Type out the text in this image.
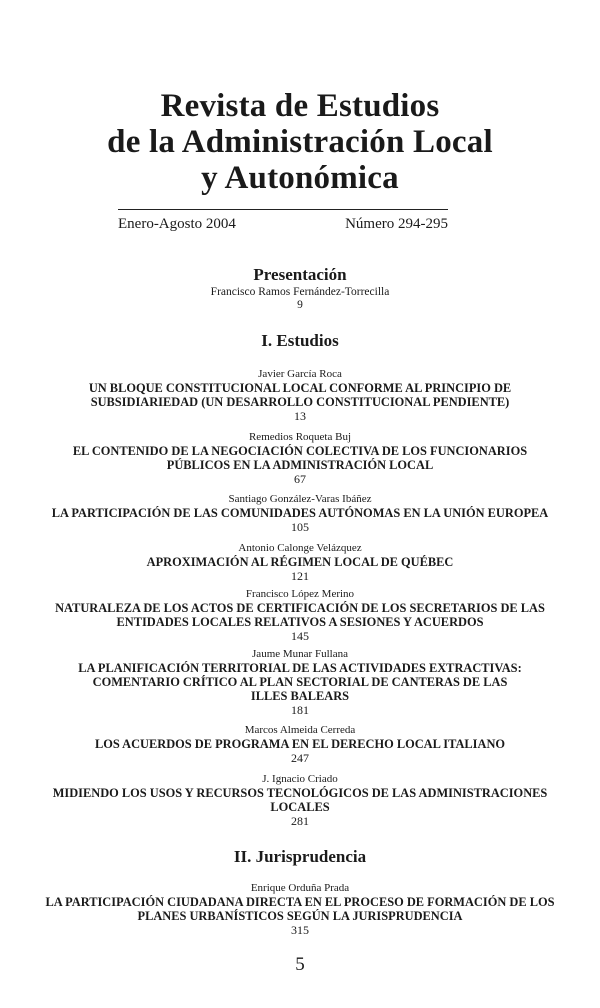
Revista de Estudios
de la Administración Local
y Autonómica
Enero-Agosto 2004	Número 294-295
Presentación
Francisco Ramos Fernández-Torrecilla
9
I. Estudios
Javier García Roca
UN BLOQUE CONSTITUCIONAL LOCAL CONFORME AL PRINCIPIO DE
SUBSIDIARIEDAD (UN DESARROLLO CONSTITUCIONAL PENDIENTE)
13
Remedios Roqueta Buj
EL CONTENIDO DE LA NEGOCIACIÓN COLECTIVA DE LOS FUNCIONARIOS
PÚBLICOS EN LA ADMINISTRACIÓN LOCAL
67
Santiago González-Varas Ibáñez
LA PARTICIPACIÓN DE LAS COMUNIDADES AUTÓNOMAS EN LA UNIÓN EUROPEA
105
Antonio Calonge Velázquez
APROXIMACIÓN AL RÉGIMEN LOCAL DE QUÉBEC
121
Francisco López Merino
NATURALEZA DE LOS ACTOS DE CERTIFICACIÓN DE LOS SECRETARIOS DE LAS
ENTIDADES LOCALES RELATIVOS A SESIONES Y ACUERDOS
145
Jaume Munar Fullana
LA PLANIFICACIÓN TERRITORIAL DE LAS ACTIVIDADES EXTRACTIVAS:
COMENTARIO CRÍTICO AL PLAN SECTORIAL DE CANTERAS DE LAS
ILLES BALEARS
181
Marcos Almeida Cerreda
LOS ACUERDOS DE PROGRAMA EN EL DERECHO LOCAL ITALIANO
247
J. Ignacio Criado
MIDIENDO LOS USOS Y RECURSOS TECNOLÓGICOS DE LAS ADMINISTRACIONES
LOCALES
281
II. Jurisprudencia
Enrique Orduña Prada
LA PARTICIPACIÓN CIUDADANA DIRECTA EN EL PROCESO DE FORMACIÓN DE LOS
PLANES URBANÍSTICOS SEGÚN LA JURISPRUDENCIA
315
5
